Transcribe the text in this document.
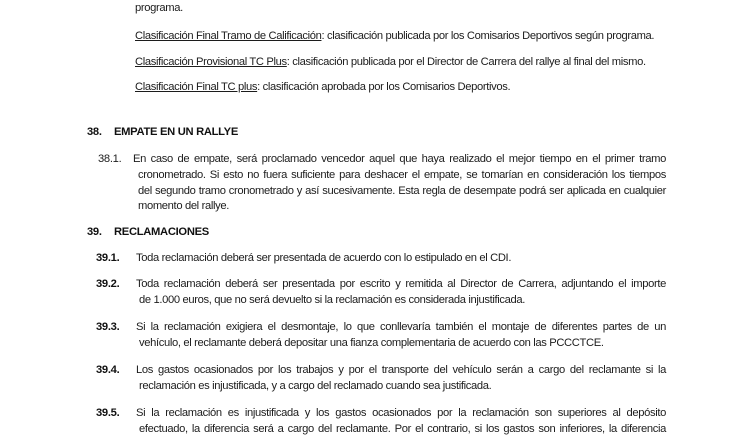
programa.
Clasificación Final Tramo de Calificación: clasificación publicada por los Comisarios Deportivos según programa.
Clasificación Provisional TC Plus: clasificación publicada por el Director de Carrera del rallye al final del mismo.
Clasificación Final TC plus: clasificación aprobada por los Comisarios Deportivos.
38. EMPATE EN UN RALLYE
38.1. En caso de empate, será proclamado vencedor aquel que haya realizado el mejor tiempo en el primer tramo
cronometrado. Si esto no fuera suficiente para deshacer el empate, se tomarían en consideración los tiempos
del segundo tramo cronometrado y así sucesivamente. Esta regla de desempate podrá ser aplicada en cualquier
momento del rallye.
39. RECLAMACIONES
39.1. Toda reclamación deberá ser presentada de acuerdo con lo estipulado en el CDI.
39.2. Toda reclamación deberá ser presentada por escrito y remitida al Director de Carrera, adjuntando el importe
de 1.000 euros, que no será devuelto si la reclamación es considerada injustificada.
39.3. Si la reclamación exigiera el desmontaje, lo que conllevaría también el montaje de diferentes partes de un
vehículo, el reclamante deberá depositar una fianza complementaria de acuerdo con las PCCCTCE.
39.4. Los gastos ocasionados por los trabajos y por el transporte del vehículo serán a cargo del reclamante si la
reclamación es injustificada, y a cargo del reclamado cuando sea justificada.
39.5. Si la reclamación es injustificada y los gastos ocasionados por la reclamación son superiores al depósito
efectuado, la diferencia será a cargo del reclamante. Por el contrario, si los gastos son inferiores, la diferencia
